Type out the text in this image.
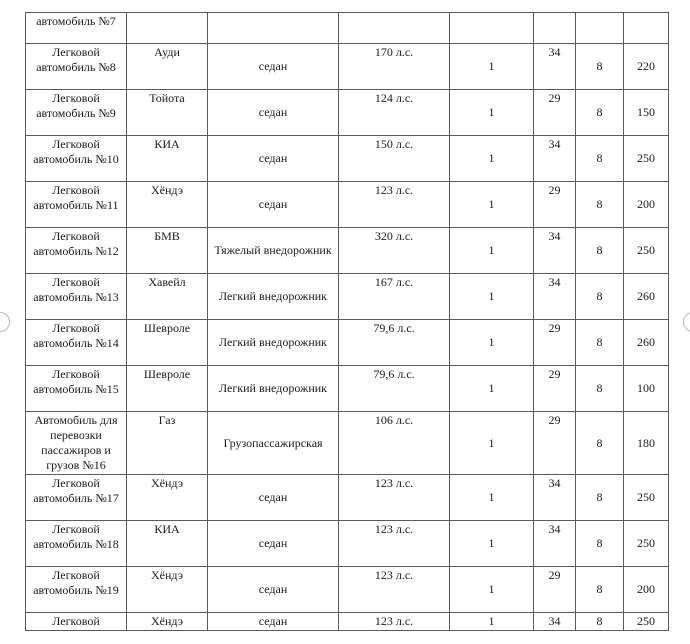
автомобиль №7							

Легковой автомобиль №8	Ауди	седан	170 л.с.	1	34	8	220

Легковой автомобиль №9	Тойота	седан	124 л.с.	1	29	8	150

Легковой автомобиль №10	КИА	седан	150 л.с.	1	34	8	250

Легковой автомобиль №11	Хёндэ	седан	123 л.с.	1	29	8	200

Легковой автомобиль №12	БМВ	Тяжелый внедорожник	320 л.с.	1	34	8	250

Легковой автомобиль №13	Хавейл	Легкий внедорожник	167 л.с.	1	34	8	260

Легковой автомобиль №14	Шевроле	Легкий внедорожник	79,6 л.с.	1	29	8	260

Легковой автомобиль №15	Шевроле	Легкий внедорожник	79,6 л.с.	1	29	8	100

Автомобиль для перевозки пассажиров и грузов №16	Газ	Грузопассажирская	106 л.с.	1	29	8	180

Легковой автомобиль №17	Хёндэ	седан	123 л.с.	1	34	8	250

Легковой автомобиль №18	КИА	седан	123 л.с.	1	34	8	250

Легковой автомобиль №19	Хёндэ	седан	123 л.с.	1	29	8	200

Легковой	Хёндэ	седан	123 л.с.	1	34	8	250
